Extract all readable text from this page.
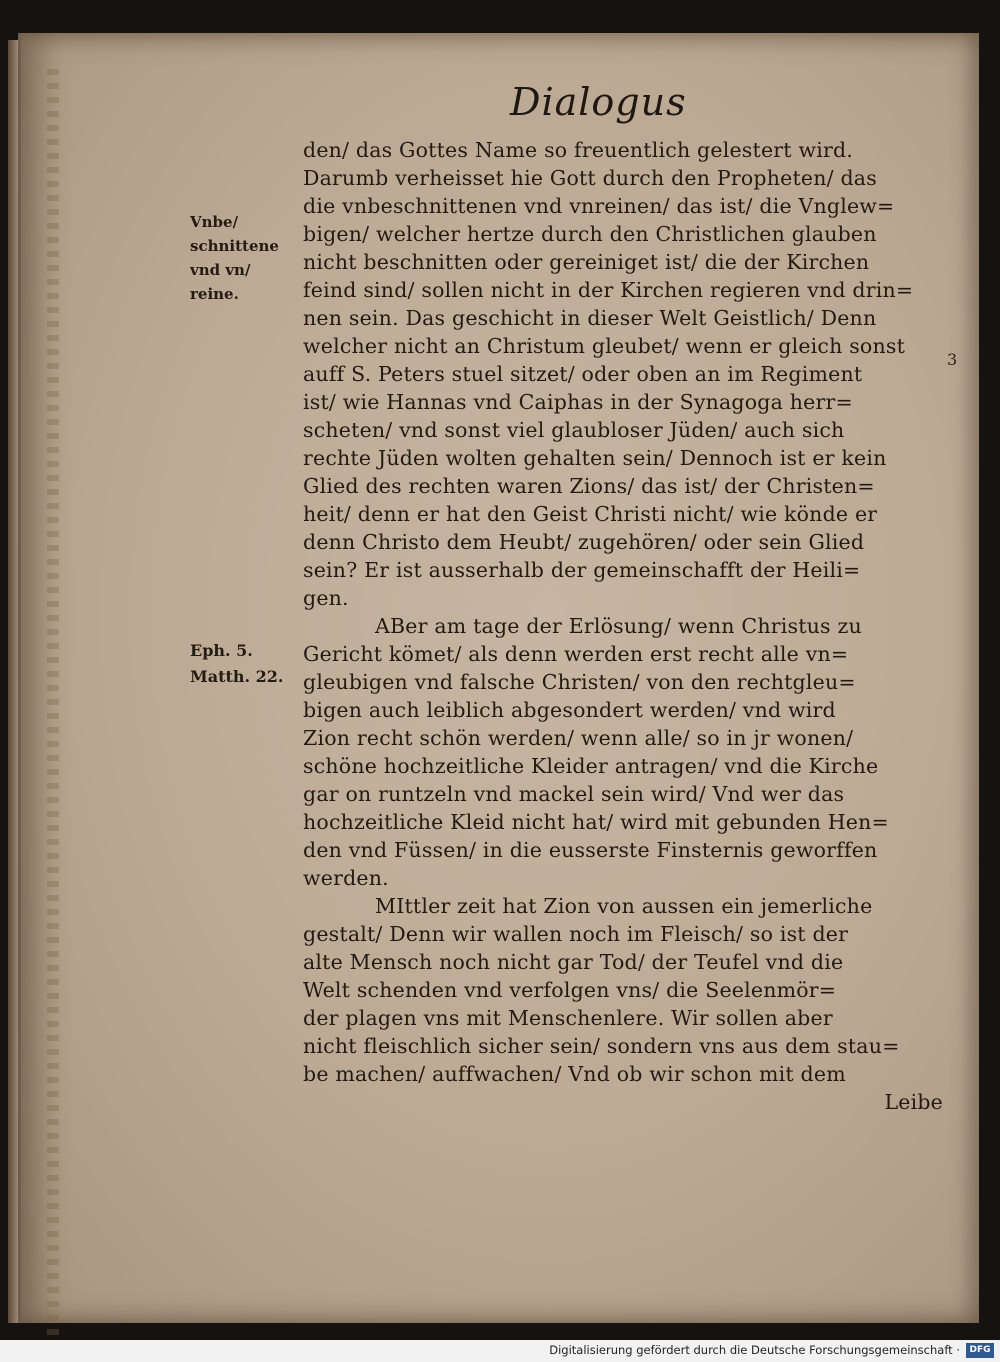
Dialogus
Vnbe/
schnittene
vnd vn/
reine.
Eph. 5.
Matth. 22.
3
den/ das Gottes Name so freuentlich gelestert wird.
Darumb verheisset hie Gott durch den Propheten/ das
die vnbeschnittenen vnd vnreinen/ das ist/ die Vnglew=
bigen/ welcher hertze durch den Christlichen glauben
nicht beschnitten oder gereiniget ist/ die der Kirchen
feind sind/ sollen nicht in der Kirchen regieren vnd drin=
nen sein. Das geschicht in dieser Welt Geistlich/ Denn
welcher nicht an Christum gleubet/ wenn er gleich sonst
auff S. Peters stuel sitzet/ oder oben an im Regiment
ist/ wie Hannas vnd Caiphas in der Synagoga herr=
scheten/ vnd sonst viel glaubloser Jüden/ auch sich
rechte Jüden wolten gehalten sein/ Dennoch ist er kein
Glied des rechten waren Zions/ das ist/ der Christen=
heit/ denn er hat den Geist Christi nicht/ wie könde er
denn Christo dem Heubt/ zugehören/ oder sein Glied
sein? Er ist ausserhalb der gemeinschafft der Heili=
gen.
ABer am tage der Erlösung/ wenn Christus zu
Gericht kömet/ als denn werden erst recht alle vn=
gleubigen vnd falsche Christen/ von den rechtgleu=
bigen auch leiblich abgesondert werden/ vnd wird
Zion recht schön werden/ wenn alle/ so in jr wonen/
schöne hochzeitliche Kleider antragen/ vnd die Kirche
gar on runtzeln vnd mackel sein wird/ Vnd wer das
hochzeitliche Kleid nicht hat/ wird mit gebunden Hen=
den vnd Füssen/ in die eusserste Finsternis geworffen
werden.
MIttler zeit hat Zion von aussen ein jemerliche
gestalt/ Denn wir wallen noch im Fleisch/ so ist der
alte Mensch noch nicht gar Tod/ der Teufel vnd die
Welt schenden vnd verfolgen vns/ die Seelenmör=
der plagen vns mit Menschenlere. Wir sollen aber
nicht fleischlich sicher sein/ sondern vns aus dem stau=
be machen/ auffwachen/ Vnd ob wir schon mit dem
Leibe
Digitalisierung gefördert durch die Deutsche Forschungsgemeinschaft ·	DFG
